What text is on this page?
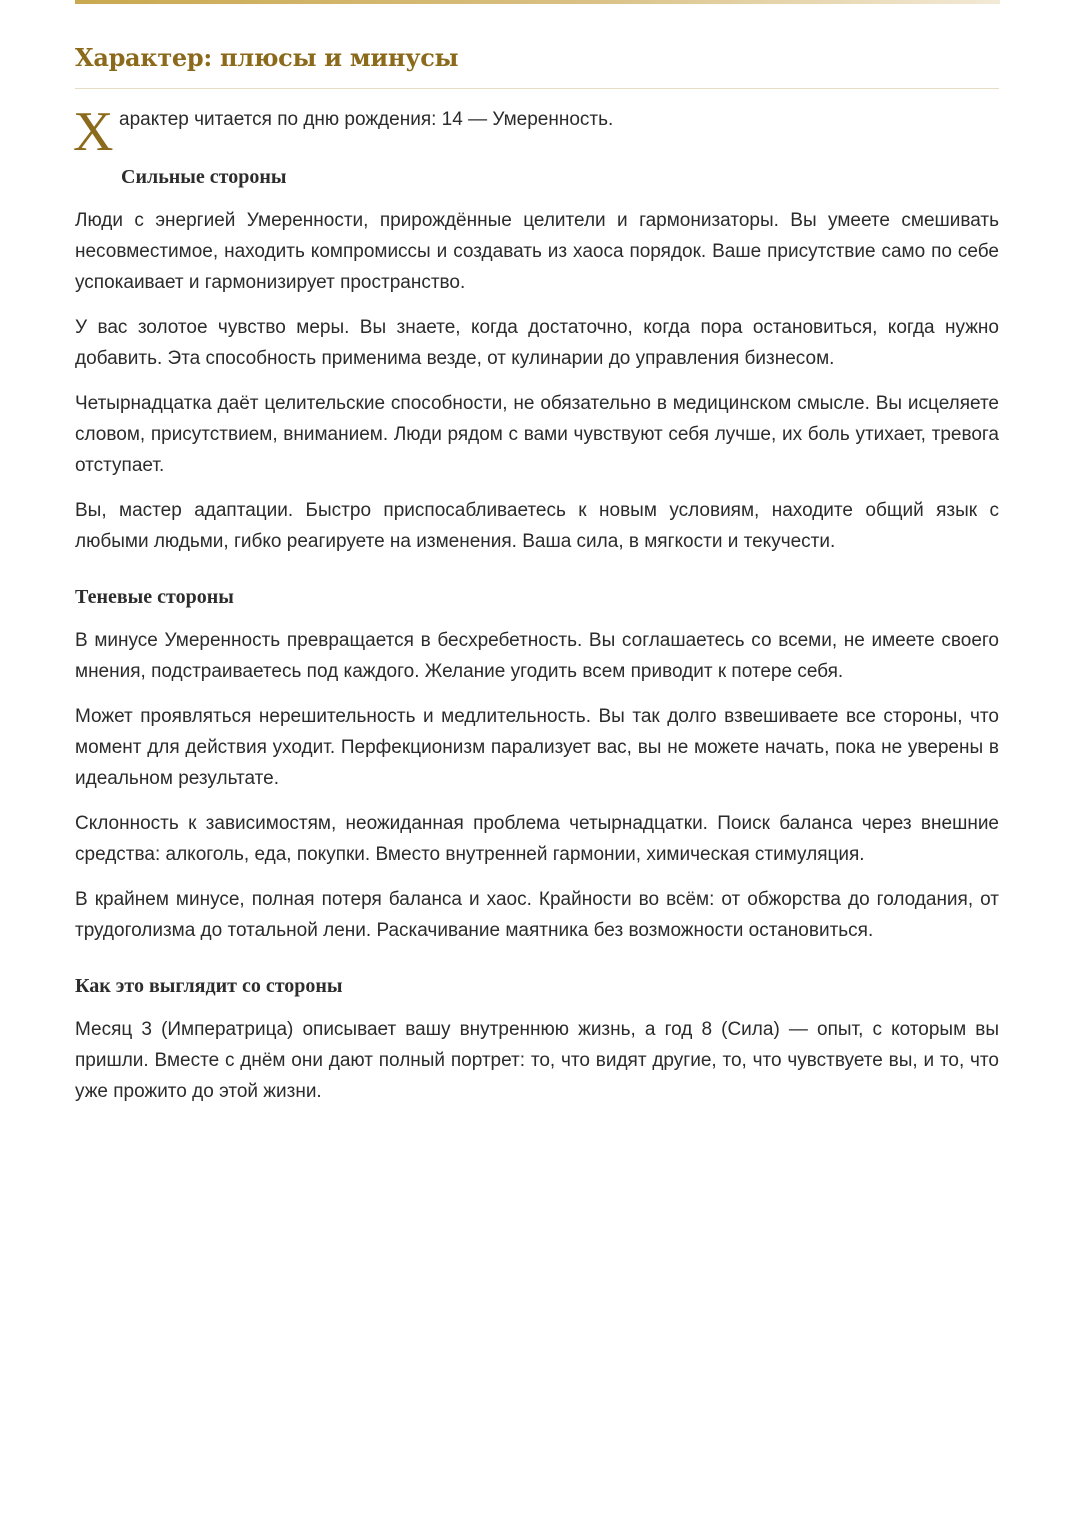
Характер: плюсы и минусы
Х арактер читается по дню рождения: 14 — Умеренность.
Сильные стороны

Люди с энергией Умеренности, прирождённые целители и гармонизаторы. Вы умеете смешивать несовместимое, находить компромиссы и создавать из хаоса порядок. Ваше присутствие само по себе успокаивает и гармонизирует пространство.

У вас золотое чувство меры. Вы знаете, когда достаточно, когда пора остановиться, когда нужно добавить. Эта способность применима везде, от кулинарии до управления бизнесом.

Четырнадцатка даёт целительские способности, не обязательно в медицинском смысле. Вы исцеляете словом, присутствием, вниманием. Люди рядом с вами чувствуют себя лучше, их боль утихает, тревога отступает.

Вы, мастер адаптации. Быстро приспосабливаетесь к новым условиям, находите общий язык с любыми людьми, гибко реагируете на изменения. Ваша сила, в мягкости и текучести.

Теневые стороны

В минусе Умеренность превращается в бесхребетность. Вы соглашаетесь со всеми, не имеете своего мнения, подстраиваетесь под каждого. Желание угодить всем приводит к потере себя.

Может проявляться нерешительность и медлительность. Вы так долго взвешиваете все стороны, что момент для действия уходит. Перфекционизм парализует вас, вы не можете начать, пока не уверены в идеальном результате.

Склонность к зависимостям, неожиданная проблема четырнадцатки. Поиск баланса через внешние средства: алкоголь, еда, покупки. Вместо внутренней гармонии, химическая стимуляция.

В крайнем минусе, полная потеря баланса и хаос. Крайности во всём: от обжорства до голодания, от трудоголизма до тотальной лени. Раскачивание маятника без возможности остановиться.

Как это выглядит со стороны

Месяц 3 (Императрица) описывает вашу внутреннюю жизнь, а год 8 (Сила) — опыт, с которым вы пришли. Вместе с днём они дают полный портрет: то, что видят другие, то, что чувствуете вы, и то, что уже прожито до этой жизни.
